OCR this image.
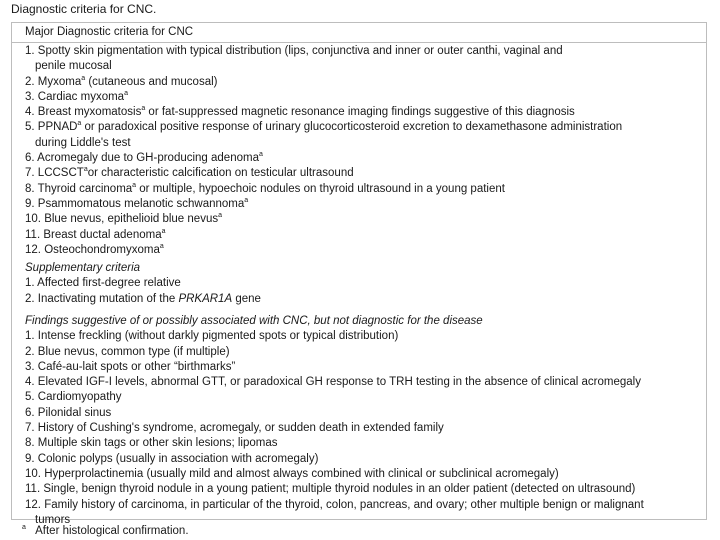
Diagnostic criteria for CNC.
Major Diagnostic criteria for CNC
1. Spotty skin pigmentation with typical distribution (lips, conjunctiva and inner or outer canthi, vaginal and
penile mucosal
2. Myxoma$^a$ (cutaneous and mucosal)
3. Cardiac myxoma$^a$
4. Breast myxomatosis$^a$ or fat-suppressed magnetic resonance imaging findings suggestive of this diagnosis
5. PPNAD$^a$ or paradoxical positive response of urinary glucocorticosteroid excretion to dexamethasone administration
during Liddle's test
6. Acromegaly due to GH-producing adenoma$^a$
7. LCCSCT$^a$or characteristic calcification on testicular ultrasound
8. Thyroid carcinoma$^a$ or multiple, hypoechoic nodules on thyroid ultrasound in a young patient
9. Psammomatous melanotic schwannoma$^a$
10. Blue nevus, epithelioid blue nevus$^a$
11. Breast ductal adenoma$^a$
12. Osteochondromyxoma$^a$
Supplementary criteria
1. Affected first-degree relative
2. Inactivating mutation of the PRKAR1A gene
Findings suggestive of or possibly associated with CNC, but not diagnostic for the disease
1. Intense freckling (without darkly pigmented spots or typical distribution)
2. Blue nevus, common type (if multiple)
3. Café-au-lait spots or other “birthmarks”
4. Elevated IGF-I levels, abnormal GTT, or paradoxical GH response to TRH testing in the absence of clinical acromegaly
5. Cardiomyopathy
6. Pilonidal sinus
7. History of Cushing's syndrome, acromegaly, or sudden death in extended family
8. Multiple skin tags or other skin lesions; lipomas
9. Colonic polyps (usually in association with acromegaly)
10. Hyperprolactinemia (usually mild and almost always combined with clinical or subclinical acromegaly)
11. Single, benign thyroid nodule in a young patient; multiple thyroid nodules in an older patient (detected on ultrasound)
12. Family history of carcinoma, in particular of the thyroid, colon, pancreas, and ovary; other multiple benign or malignant
tumors
$^a$ After histological confirmation.
